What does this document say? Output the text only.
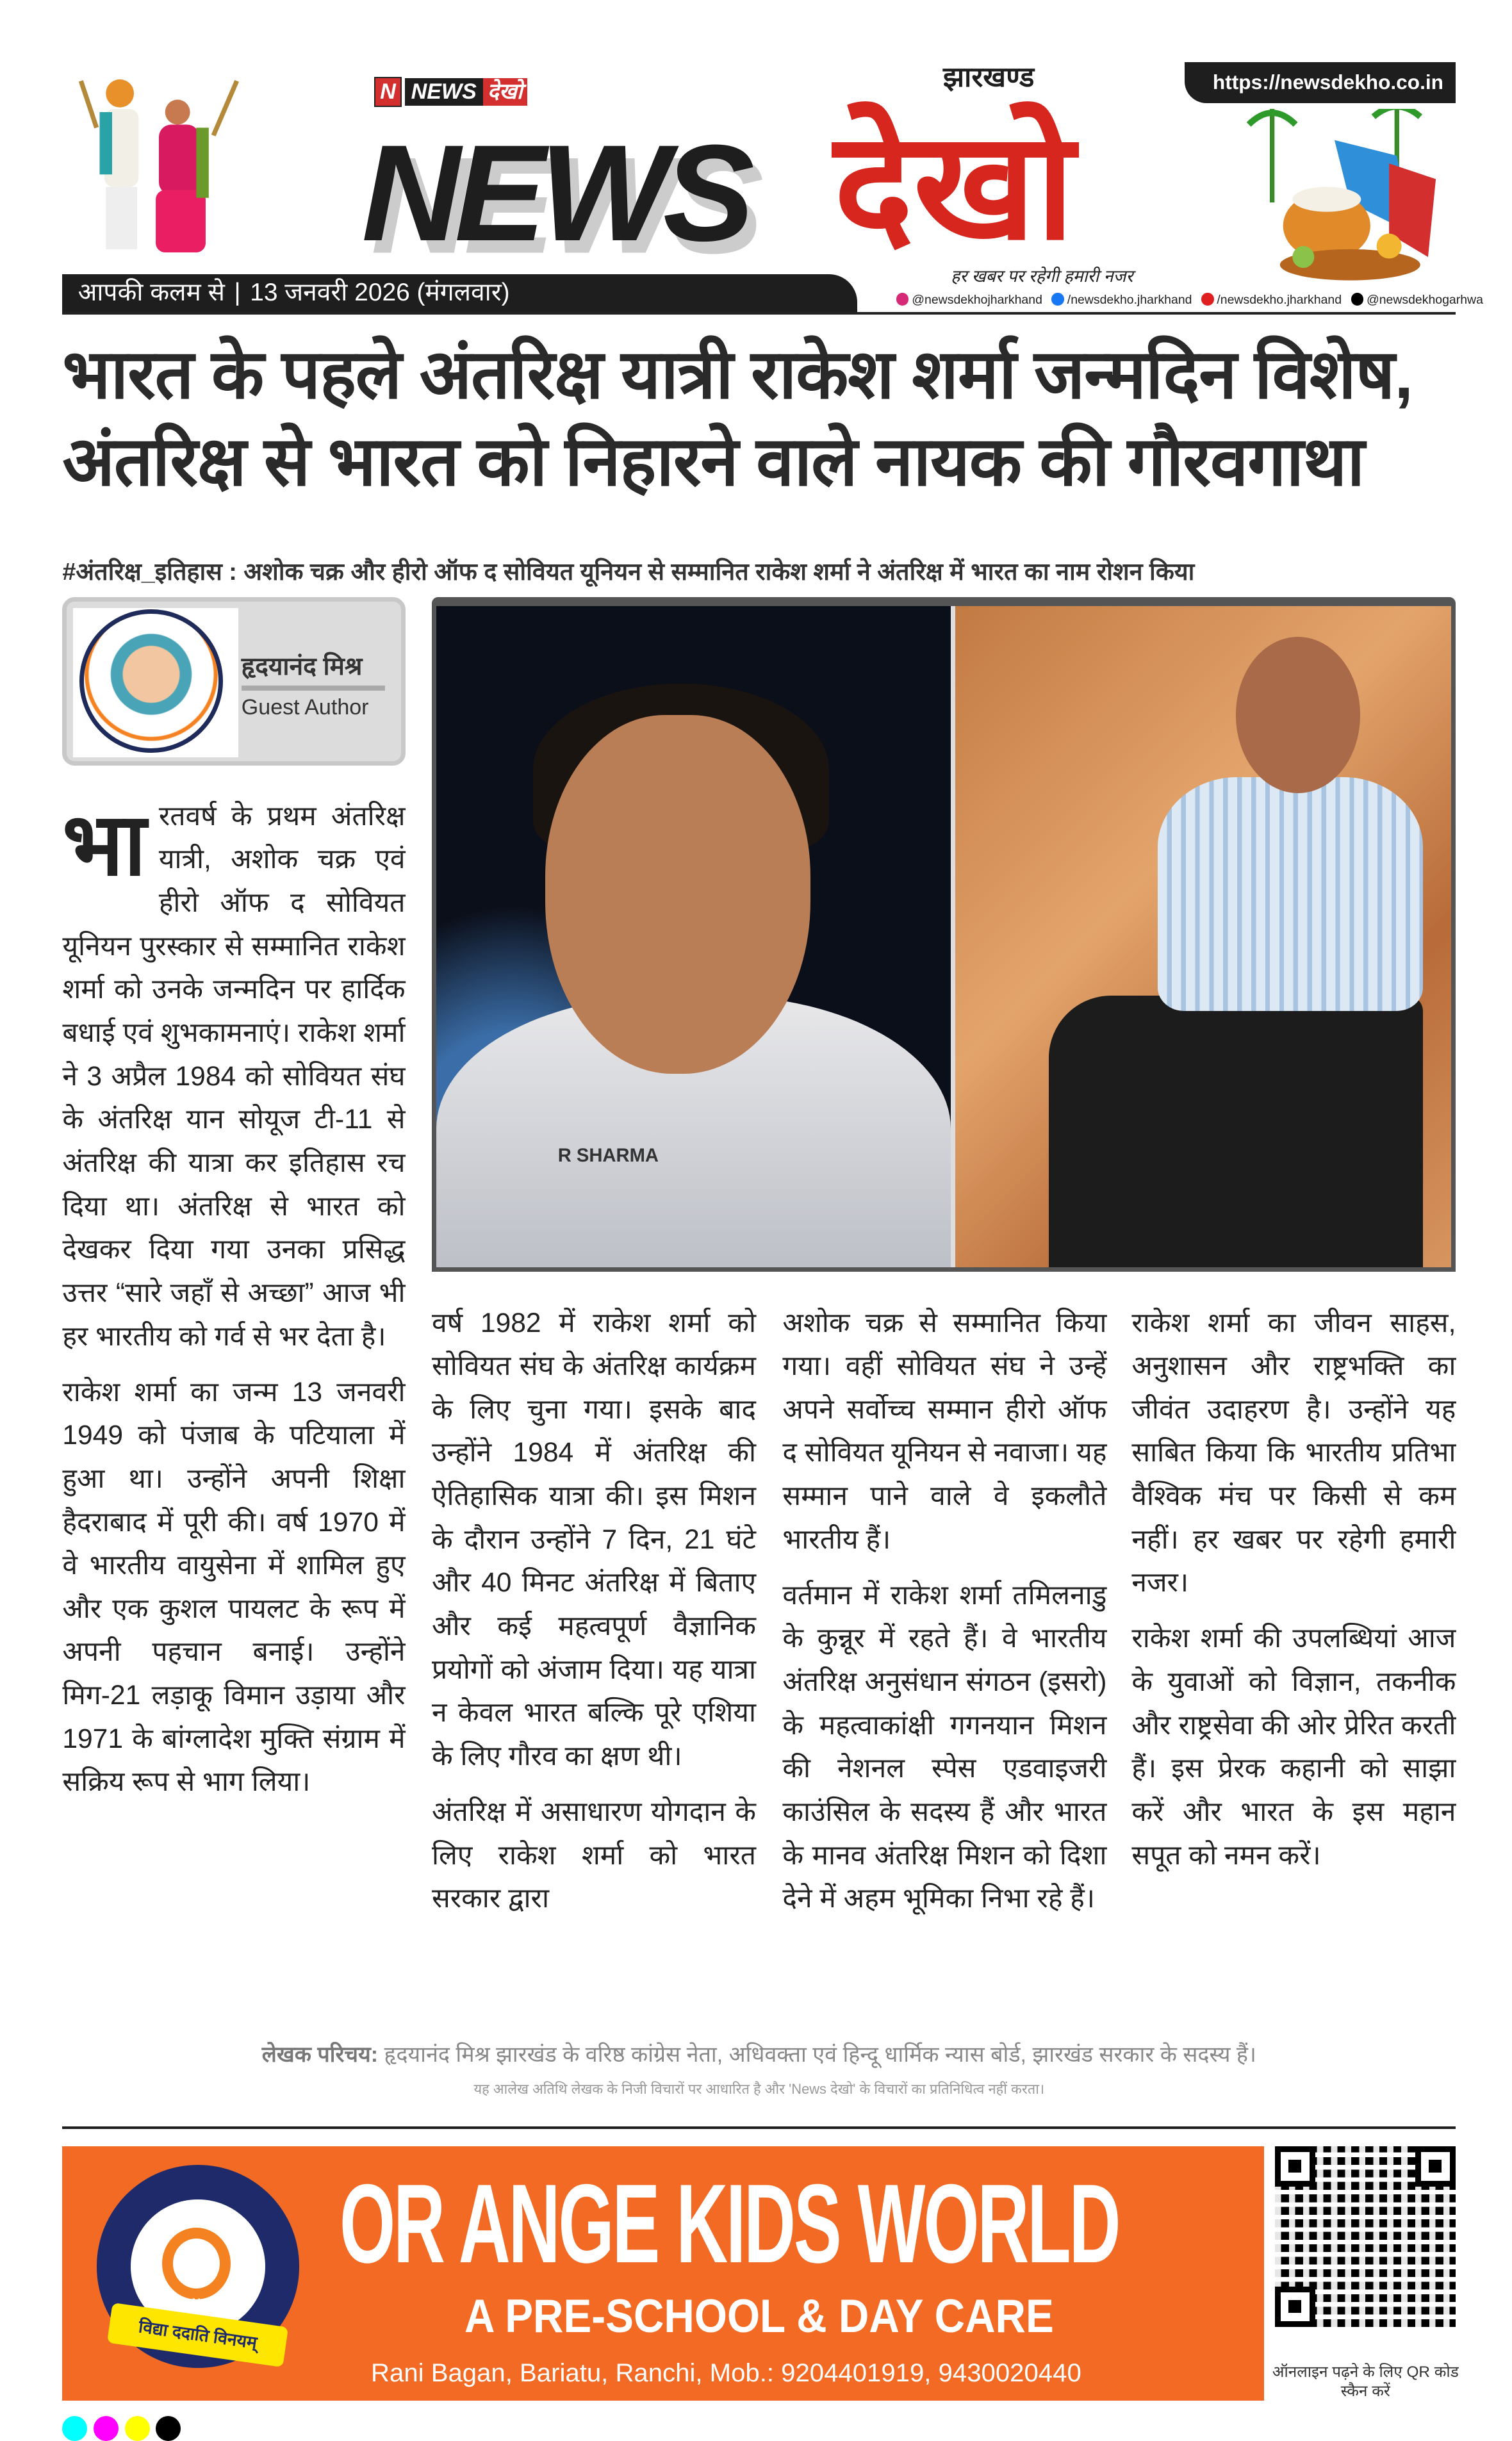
https://newsdekho.co.in
N	NEWS	देखो
NEWS देखो
झारखण्ड
हर खबर पर रहेगी हमारी नजर
आपकी कलम से | 13 जनवरी 2026 (मंगलवार)	@newsdekhojharkhand	/newsdekho.jharkhand	/newsdekho.jharkhand	@newsdekhogarhwa
भारत के पहले अंतरिक्ष यात्री राकेश शर्मा जन्मदिन विशेष, अंतरिक्ष से भारत को निहारने वाले नायक की गौरवगाथा
#अंतरिक्ष_इतिहास : अशोक चक्र और हीरो ऑफ द सोवियत यूनियन से सम्मानित राकेश शर्मा ने अंतरिक्ष में भारत का नाम रोशन किया
हृदयानंद मिश्र
Guest Author
R SHARMA

भा रतवर्ष के प्रथम अंतरिक्ष यात्री, अशोक चक्र एवं हीरो ऑफ द सोवियत यूनियन पुरस्कार से सम्मानित राकेश शर्मा को उनके जन्मदिन पर हार्दिक बधाई एवं शुभकामनाएं। राकेश शर्मा ने 3 अप्रैल 1984 को सोवियत संघ के अंतरिक्ष यान सोयूज टी-11 से अंतरिक्ष की यात्रा कर इतिहास रच दिया था। अंतरिक्ष से भारत को देखकर दिया गया उनका प्रसिद्ध उत्तर “सारे जहाँ से अच्छा” आज भी हर भारतीय को गर्व से भर देता है।

राकेश शर्मा का जन्म 13 जनवरी 1949 को पंजाब के पटियाला में हुआ था। उन्होंने अपनी शिक्षा हैदराबाद में पूरी की। वर्ष 1970 में वे भारतीय वायुसेना में शामिल हुए और एक कुशल पायलट के रूप में अपनी पहचान बनाई। उन्होंने मिग-21 लड़ाकू विमान उड़ाया और 1971 के बांग्लादेश मुक्ति संग्राम में सक्रिय रूप से भाग लिया।

वर्ष 1982 में राकेश शर्मा को सोवियत संघ के अंतरिक्ष कार्यक्रम के लिए चुना गया। इसके बाद उन्होंने 1984 में अंतरिक्ष की ऐतिहासिक यात्रा की। इस मिशन के दौरान उन्होंने 7 दिन, 21 घंटे और 40 मिनट अंतरिक्ष में बिताए और कई महत्वपूर्ण वैज्ञानिक प्रयोगों को अंजाम दिया। यह यात्रा न केवल भारत बल्कि पूरे एशिया के लिए गौरव का क्षण थी।

अंतरिक्ष में असाधारण योगदान के लिए राकेश शर्मा को भारत सरकार द्वारा

अशोक चक्र से सम्मानित किया गया। वहीं सोवियत संघ ने उन्हें अपने सर्वोच्च सम्मान हीरो ऑफ द सोवियत यूनियन से नवाजा। यह सम्मान पाने वाले वे इकलौते भारतीय हैं।

वर्तमान में राकेश शर्मा तमिलनाडु के कुन्नूर में रहते हैं। वे भारतीय अंतरिक्ष अनुसंधान संगठन (इसरो) के महत्वाकांक्षी गगनयान मिशन की नेशनल स्पेस एडवाइजरी काउंसिल के सदस्य हैं और भारत के मानव अंतरिक्ष मिशन को दिशा देने में अहम भूमिका निभा रहे हैं।

राकेश शर्मा का जीवन साहस, अनुशासन और राष्ट्रभक्ति का जीवंत उदाहरण है। उन्होंने यह साबित किया कि भारतीय प्रतिभा वैश्विक मंच पर किसी से कम नहीं। हर खबर पर रहेगी हमारी नजर।

राकेश शर्मा की उपलब्धियां आज के युवाओं को विज्ञान, तकनीक और राष्ट्रसेवा की ओर प्रेरित करती हैं। इस प्रेरक कहानी को साझा करें और भारत के इस महान सपूत को नमन करें।

लेखक परिचय: हृदयानंद मिश्र झारखंड के वरिष्ठ कांग्रेस नेता, अधिवक्ता एवं हिन्दू धार्मिक न्यास बोर्ड, झारखंड सरकार के सदस्य हैं।
यह आलेख अतिथि लेखक के निजी विचारों पर आधारित है और 'News देखो' के विचारों का प्रतिनिधित्व नहीं करता।
RANCHI
विद्या ददाति विनयम्
OR ANGE KIDS WORLD
A PRE-SCHOOL & DAY CARE
Rani Bagan, Bariatu, Ranchi, Mob.: 9204401919, 9430020440	ऑनलाइन पढ़ने के लिए QR कोड स्कैन करें
